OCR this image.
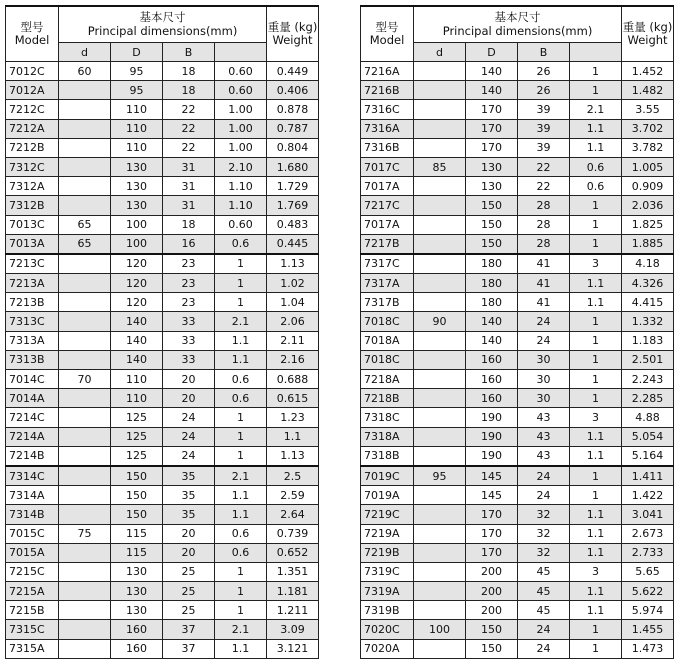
型号
Model	基本尺寸
Principal dimensions(mm)				重量 (kg)
Weight

	d	D	B		
7012C	60	95	18	0.60	0.449
7012A		95	18	0.60	0.406
7212C		110	22	1.00	0.878
7212A		110	22	1.00	0.787
7212B		110	22	1.00	0.804
7312C		130	31	2.10	1.680
7312A		130	31	1.10	1.729
7312B		130	31	1.10	1.769
7013C	65	100	18	0.60	0.483
7013A	65	100	16	0.6	0.445
7213C		120	23	1	1.13
7213A		120	23	1	1.02
7213B		120	23	1	1.04
7313C		140	33	2.1	2.06
7313A		140	33	1.1	2.11
7313B		140	33	1.1	2.16
7014C	70	110	20	0.6	0.688
7014A		110	20	0.6	0.615
7214C		125	24	1	1.23
7214A		125	24	1	1.1
7214B		125	24	1	1.13
7314C		150	35	2.1	2.5
7314A		150	35	1.1	2.59
7314B		150	35	1.1	2.64
7015C	75	115	20	0.6	0.739
7015A		115	20	0.6	0.652
7215C		130	25	1	1.351
7215A		130	25	1	1.181
7215B		130	25	1	1.211
7315C		160	37	2.1	3.09
7315A		160	37	1.1	3.121
型号
Model	基本尺寸
Principal dimensions(mm)				重量 (kg)
Weight

	d	D	B		
7216A		140	26	1	1.452
7216B		140	26	1	1.482
7316C		170	39	2.1	3.55
7316A		170	39	1.1	3.702
7316B		170	39	1.1	3.782
7017C	85	130	22	0.6	1.005
7017A		130	22	0.6	0.909
7217C		150	28	1	2.036
7017A		150	28	1	1.825
7217B		150	28	1	1.885
7317C		180	41	3	4.18
7317A		180	41	1.1	4.326
7317B		180	41	1.1	4.415
7018C	90	140	24	1	1.332
7018A		140	24	1	1.183
7018C		160	30	1	2.501
7218A		160	30	1	2.243
7218B		160	30	1	2.285
7318C		190	43	3	4.88
7318A		190	43	1.1	5.054
7318B		190	43	1.1	5.164
7019C	95	145	24	1	1.411
7019A		145	24	1	1.422
7219C		170	32	1.1	3.041
7219A		170	32	1.1	2.673
7219B		170	32	1.1	2.733
7319C		200	45	3	5.65
7319A		200	45	1.1	5.622
7319B		200	45	1.1	5.974
7020C	100	150	24	1	1.455
7020A		150	24	1	1.473
